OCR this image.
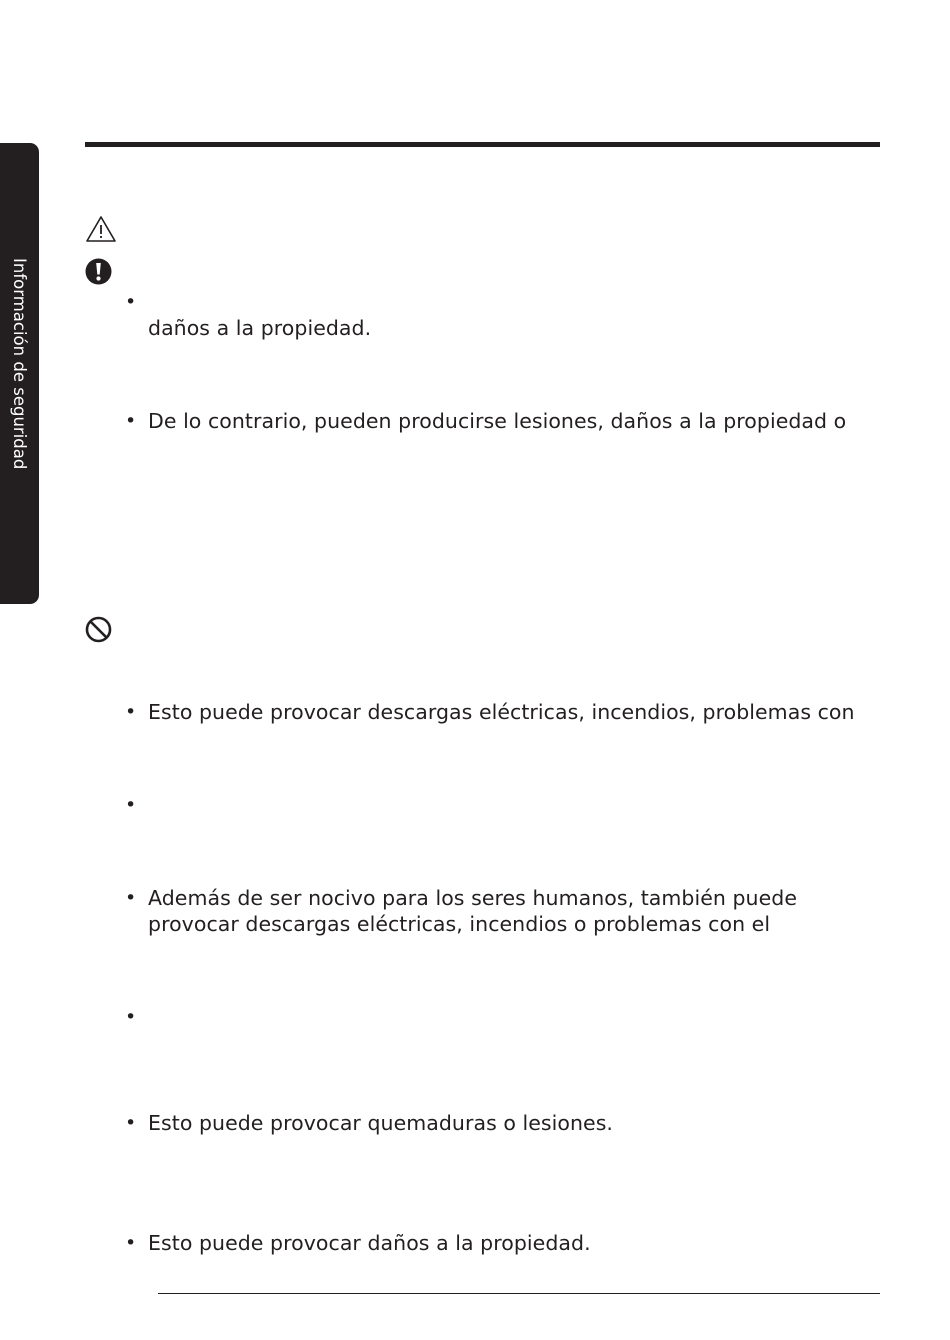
Información de seguridad	•
daños a la propiedad.
• De lo contrario, pueden producirse lesiones, daños a la propiedad o
• Esto puede provocar descargas eléctricas, incendios, problemas con
•
• Además de ser nocivo para los seres humanos, también puede
provocar descargas eléctricas, incendios o problemas con el
•
• Esto puede provocar quemaduras o lesiones.
• Esto puede provocar daños a la propiedad.
